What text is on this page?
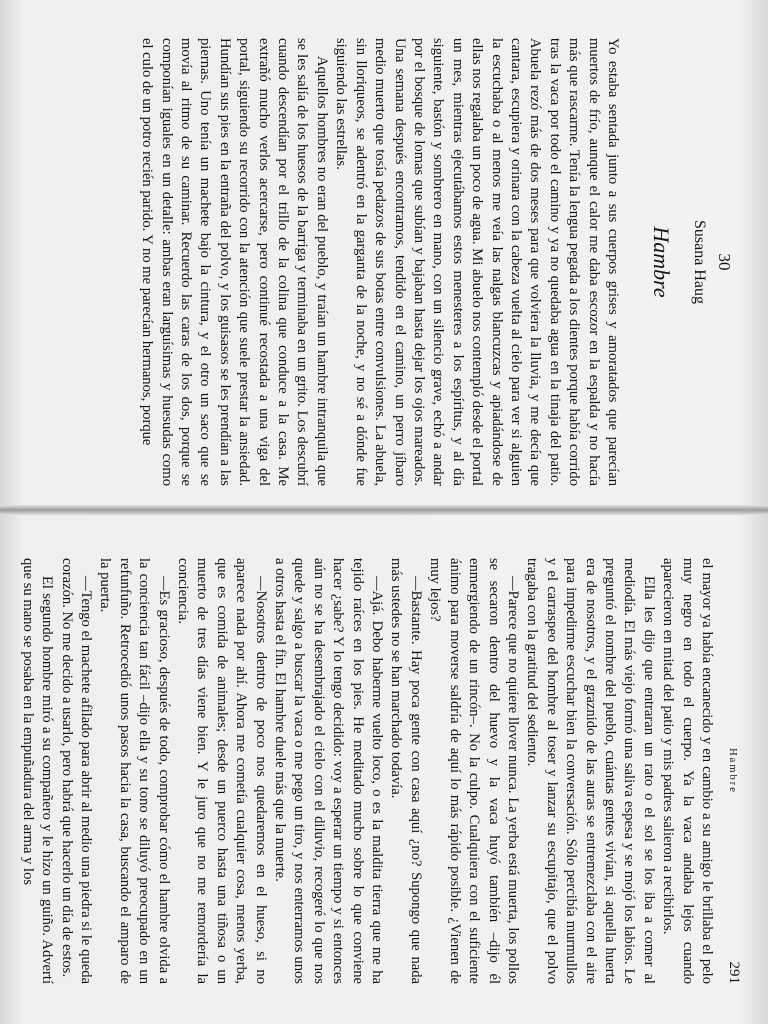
30
Susana Haug
Hambre

Yo estaba sentada junto a sus cuerpos grises y amoratados que parecían muertos de frío, aunque el calor me daba escozor en la espalda y no hacía más que rascarme. Tenía la lengua pegada a los dientes porque había corrido tras la vaca por todo el camino y ya no quedaba agua en la tinaja del patio. Abuela rezó más de dos meses para que volviera la lluvia, y me decía que cantara, escupiera y orinara con la cabeza vuelta al cielo para ver si alguien la escuchaba o al menos me veía las nalgas blancuzcas y apiadándose de ellas nos regalaba un poco de agua. Mi abuelo nos contempló desde el portal un mes, mientras ejecutábamos estos menesteres a los espíritus, y al día siguiente, bastón y sombrero en mano, con un silencio grave, echó a andar por el bosque de lomas que subían y bajaban hasta dejar los ojos mareados. Una semana después encontramos, tendido en el camino, un perro jíbaro medio muerto que tosía pedazos de sus botas entre convulsiones. La abuela, sin lloriqueos, se adentró en la garganta de la noche, y no sé a dónde fue siguiendo las estrellas.

Aquellos hombres no eran del pueblo, y traían un hambre intranquila que se les salía de los huesos de la barriga y terminaba en un grito. Los descubrí cuando descendían por el trillo de la colina que conduce a la casa. Me extrañó mucho verlos acercarse, pero continué recostada a una viga del portal, siguiendo su recorrido con la atención que suele prestar la ansiedad. Hundían sus pies en la entraña del polvo, y los guisasos se les prendían a las piernas. Uno tenía un machete bajo la cintura, y el otro un saco que se movía al ritmo de su caminar. Recuerdo las caras de los dos, porque se componían iguales en un detalle: ambas eran larguísimas y huesudas como el culo de un potro recién parido. Y no me parecían hermanos, porque

Hambre
291

el mayor ya había encanecido y en cambio a su amigo le brillaba el pelo muy negro en todo el cuerpo. Ya la vaca andaba lejos cuando aparecieron en mitad del patio y mis padres salieron a recibirlos.

Ella les dijo que entraran un rato o el sol se los iba a comer al mediodía. El más viejo formó una saliva espesa y se mojó los labios. Le preguntó el nombre del pueblo, cuántas gentes vivían, si aquella huerta era de nosotros, y el graznido de las auras se entremezclaba con el aire para impedirme escuchar bien la conversación. Sólo percibía murmullos y el carraspeo del hombre al toser y lanzar su escupitajo, que el polvo tragaba con la gratitud del sediento.

—Parece que no quiere llover nunca. La yerba está muerta, los pollos se secaron dentro del huevo y la vaca huyó también –dijo él enmergiendo de un rincón–. No la culpo. Cualquiera con el suficiente ánimo para moverse saldría de aquí lo más rápido posible. ¿Vienen de muy lejos?

—Bastante. Hay poca gente con casa aquí ¿no? Supongo que nada más ustedes no se han marchado todavía.

—Ajá. Debo haberme vuelto loco, o es la maldita tierra que me ha tejido raíces en los pies. He meditado mucho sobre lo que conviene hacer ¿sabe? Y lo tengo decidido: voy a esperar un tiempo y si entonces aún no se ha desembrajado el cielo con el diluvio, recogeré lo que nos quede y salgo a buscar la vaca o me pego un tiro, y nos enterramos unos a otros hasta el fin. El hambre duele más que la muerte.

—Nosotros dentro de poco nos quedaremos en el hueso, si no aparece nada por ahí. Ahora me cometía cualquier cosa, menos yerba, que es comida de animales; desde un puerco hasta una tiñosa o un muerto de tres días viene bien. Y le juro que no me remordería la conciencia.

—Es gracioso, después de todo, comprobar cómo el hambre olvida a la conciencia tan fácil –dijo ella y su tono se diluyó preocupado en un refunfuño. Retrocedió unos pasos hacia la casa, buscando el amparo de la puerta.

—Tengo el machete afilado para abrir al medio una piedra si le queda corazón. No me decido a usarlo, pero habrá que hacerlo un día de estos.

El segundo hombre miró a su compañero y le hizo un guiño. Advertí que su mano se posaba en la empuñadura del arma y los
